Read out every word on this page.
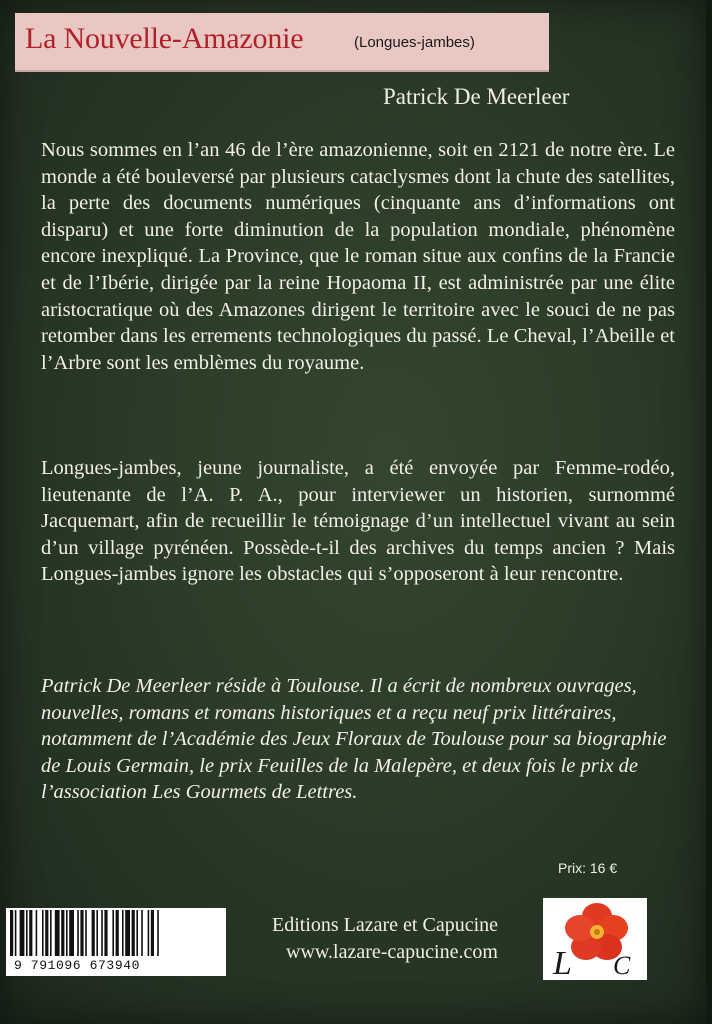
La Nouvelle-Amazonie	(Longues-jambes)
Patrick De Meerleer

Nous sommes en l’an 46 de l’ère amazonienne, soit en 2121 de notre ère. Le monde a été bouleversé par plusieurs cataclysmes dont la chute des satellites, la perte des documents numériques (cinquante ans d’informations ont disparu) et une forte diminution de la population mondiale, phénomène encore inexpliqué. La Province, que le roman situe aux confins de la Francie et de l’Ibérie, dirigée par la reine Hopaoma II, est administrée par une élite aristocratique où des Amazones dirigent le territoire avec le souci de ne pas retomber dans les errements technologiques du passé. Le Cheval, l’Abeille et l’Arbre sont les emblèmes du royaume.

Longues-jambes, jeune journaliste, a été envoyée par Femme-rodéo, lieutenante de l’A. P. A., pour interviewer un historien, surnommé Jacquemart, afin de recueillir le témoignage d’un intellectuel vivant au sein d’un village pyrénéen. Possède-t-il des archives du temps ancien ? Mais Longues-jambes ignore les obstacles qui s’opposeront à leur rencontre.

Patrick De Meerleer réside à Toulouse. Il a écrit de nombreux ouvrages, nouvelles, romans et romans historiques et a reçu neuf prix littéraires, notamment de l’Académie des Jeux Floraux de Toulouse pour sa biographie de Louis Germain, le prix Feuilles de la Malepère, et deux fois le prix de l’association Les Gourmets de Lettres.

Prix: 16 €
9 791096 673940
Editions Lazare et Capucine
www.lazare-capucine.com L C
